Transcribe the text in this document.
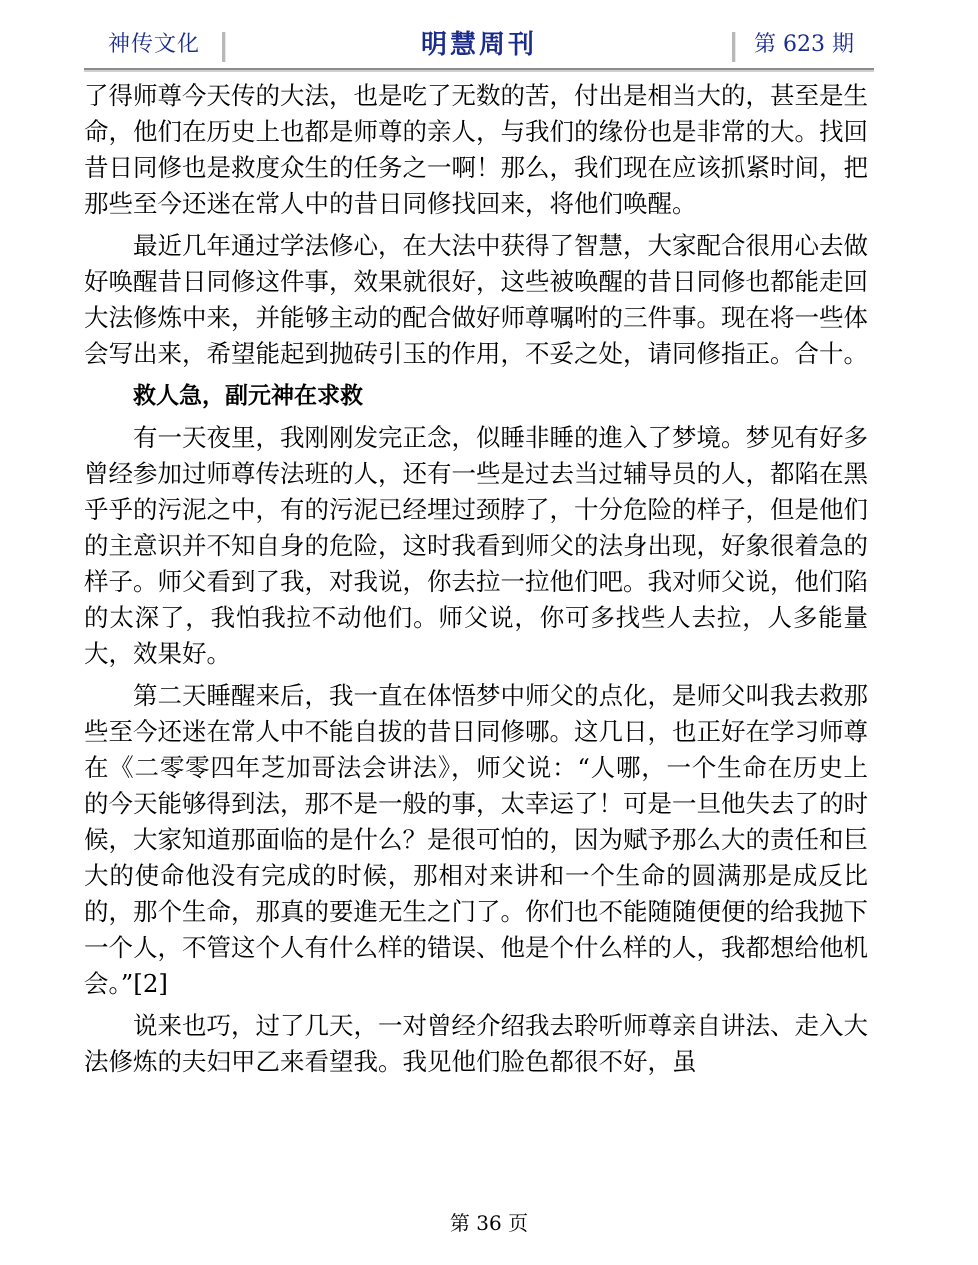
神传文化	明慧周刊	第 623 期

了得师尊今天传的大法，也是吃了无数的苦，付出是相当大的，甚至是生命，他们在历史上也都是师尊的亲人，与我们的缘份也是非常的大。找回昔日同修也是救度众生的任务之一啊！那么，我们现在应该抓紧时间，把那些至今还迷在常人中的昔日同修找回来，将他们唤醒。

最近几年通过学法修心，在大法中获得了智慧，大家配合很用心去做好唤醒昔日同修这件事，效果就很好，这些被唤醒的昔日同修也都能走回大法修炼中来，并能够主动的配合做好师尊嘱咐的三件事。现在将一些体会写出来，希望能起到抛砖引玉的作用，不妥之处，请同修指正。合十。

救人急，副元神在求救

有一天夜里，我刚刚发完正念，似睡非睡的進入了梦境。梦见有好多曾经参加过师尊传法班的人，还有一些是过去当过辅导员的人，都陷在黑乎乎的污泥之中，有的污泥已经埋过颈脖了，十分危险的样子，但是他们的主意识并不知自身的危险，这时我看到师父的法身出现，好象很着急的样子。师父看到了我，对我说，你去拉一拉他们吧。我对师父说，他们陷的太深了，我怕我拉不动他们。师父说，你可多找些人去拉，人多能量大，效果好。

第二天睡醒来后，我一直在体悟梦中师父的点化，是师父叫我去救那些至今还迷在常人中不能自拔的昔日同修哪。这几日，也正好在学习师尊在《二零零四年芝加哥法会讲法》，师父说：“人哪，一个生命在历史上的今天能够得到法，那不是一般的事，太幸运了！可是一旦他失去了的时候，大家知道那面临的是什么？是很可怕的，因为赋予那么大的责任和巨大的使命他没有完成的时候，那相对来讲和一个生命的圆满那是成反比的，那个生命，那真的要進无生之门了。你们也不能随随便便的给我抛下一个人，不管这个人有什么样的错误、他是个什么样的人，我都想给他机会。”[2]

说来也巧，过了几天，一对曾经介绍我去聆听师尊亲自讲法、走入大法修炼的夫妇甲乙来看望我。我见他们脸色都很不好，虽

第 36 页
